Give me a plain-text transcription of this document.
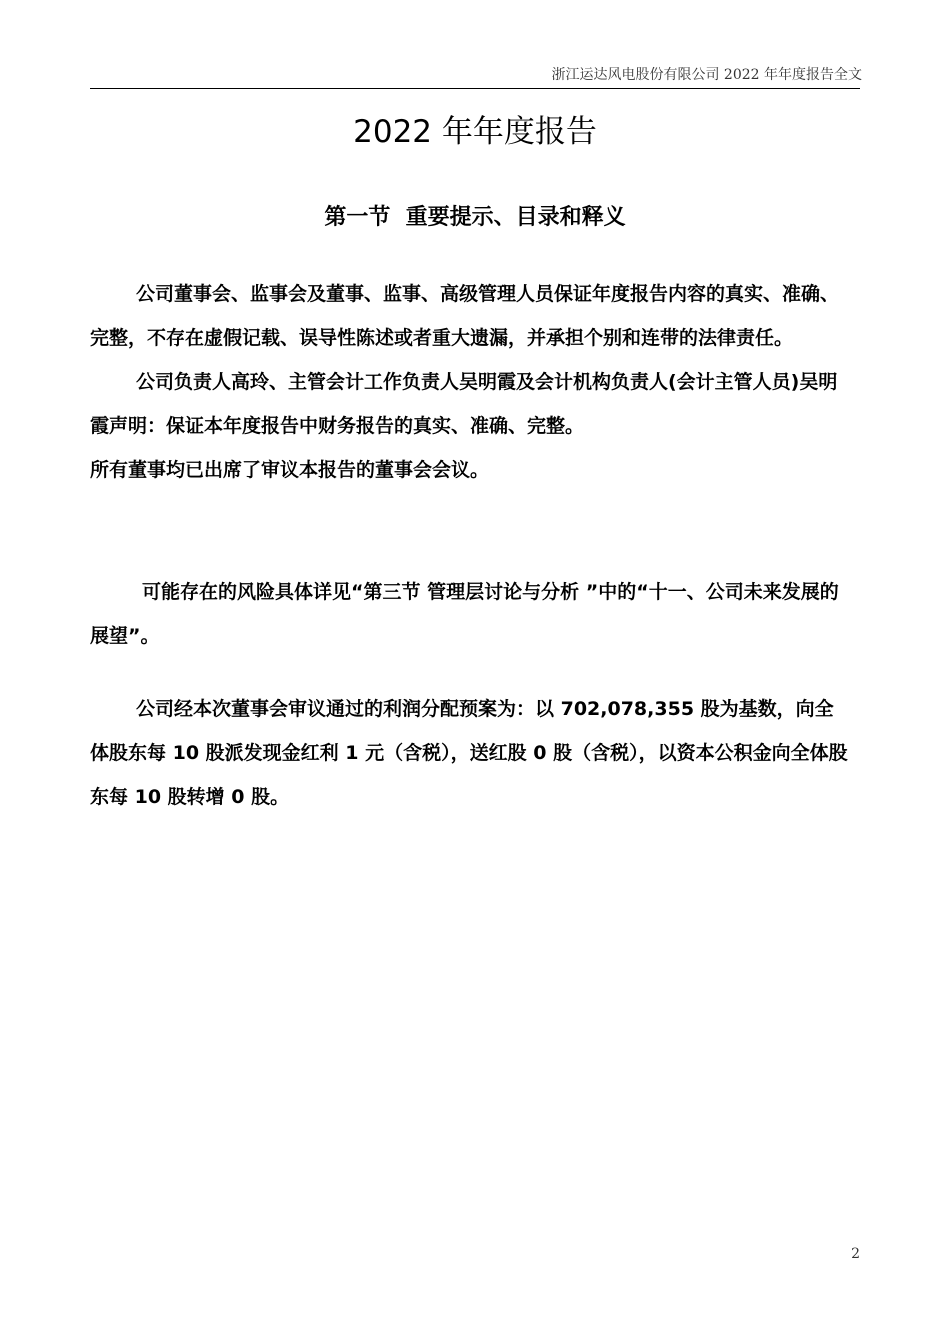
浙江运达风电股份有限公司 2022 年年度报告全文
2022 年年度报告
第一节  重要提示、目录和释义

公司董事会、监事会及董事、监事、高级管理人员保证年度报告内容的真实、准确、完整，不存在虚假记载、误导性陈述或者重大遗漏，并承担个别和连带的法律责任。

公司负责人高玲、主管会计工作负责人吴明霞及会计机构负责人(会计主管人员)吴明霞声明：保证本年度报告中财务报告的真实、准确、完整。

所有董事均已出席了审议本报告的董事会会议。

可能存在的风险具体详见“第三节 管理层讨论与分析 ”中的“十一、公司未来发展的展望”。

公司经本次董事会审议通过的利润分配预案为：以 702,078,355 股为基数，向全体股东每 10 股派发现金红利 1 元（含税），送红股 0 股（含税），以资本公积金向全体股东每 10 股转增 0 股。

2
